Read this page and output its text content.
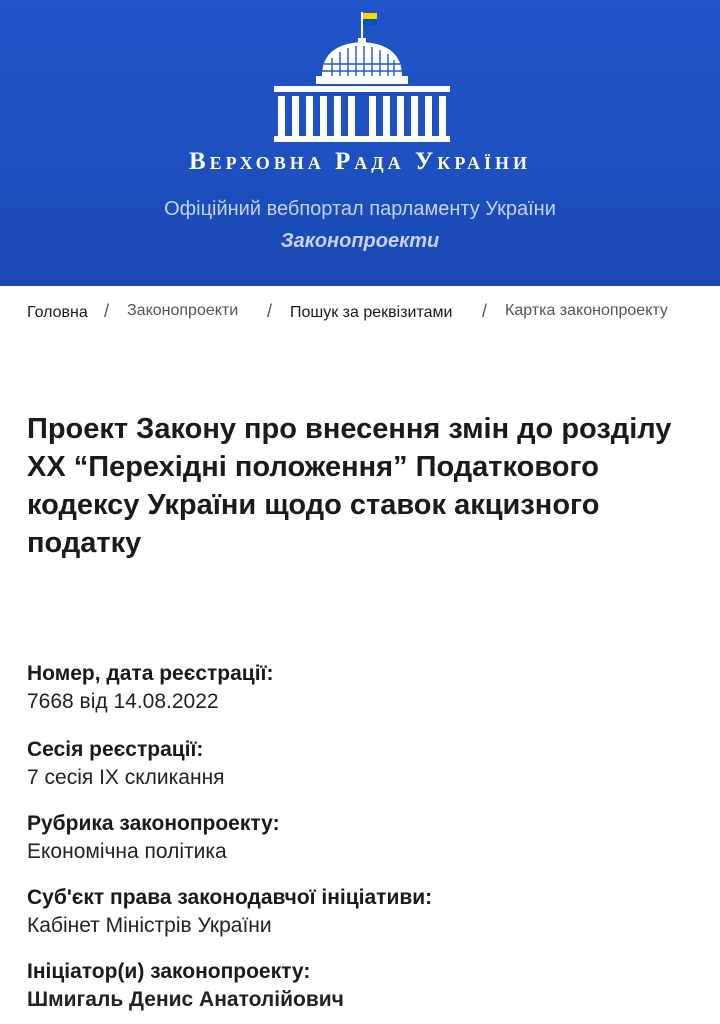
Верховна Рада України
Офіційний вебпортал парламенту України
Законопроекти
Головна / Законопроекти / Пошук за реквізитами / Картка законопроекту
Проект Закону про внесення змін до розділу XX “Перехідні положення” Податкового кодексу України щодо ставок акцизного податку
Номер, дата реєстрації:
7668 від 14.08.2022
Сесія реєстрації:
7 сесія IX скликання
Рубрика законопроекту:
Економічна політика
Суб'єкт права законодавчої ініціативи:
Кабінет Міністрів України
Ініціатор(и) законопроекту:
Шмигаль Денис Анатолійович
